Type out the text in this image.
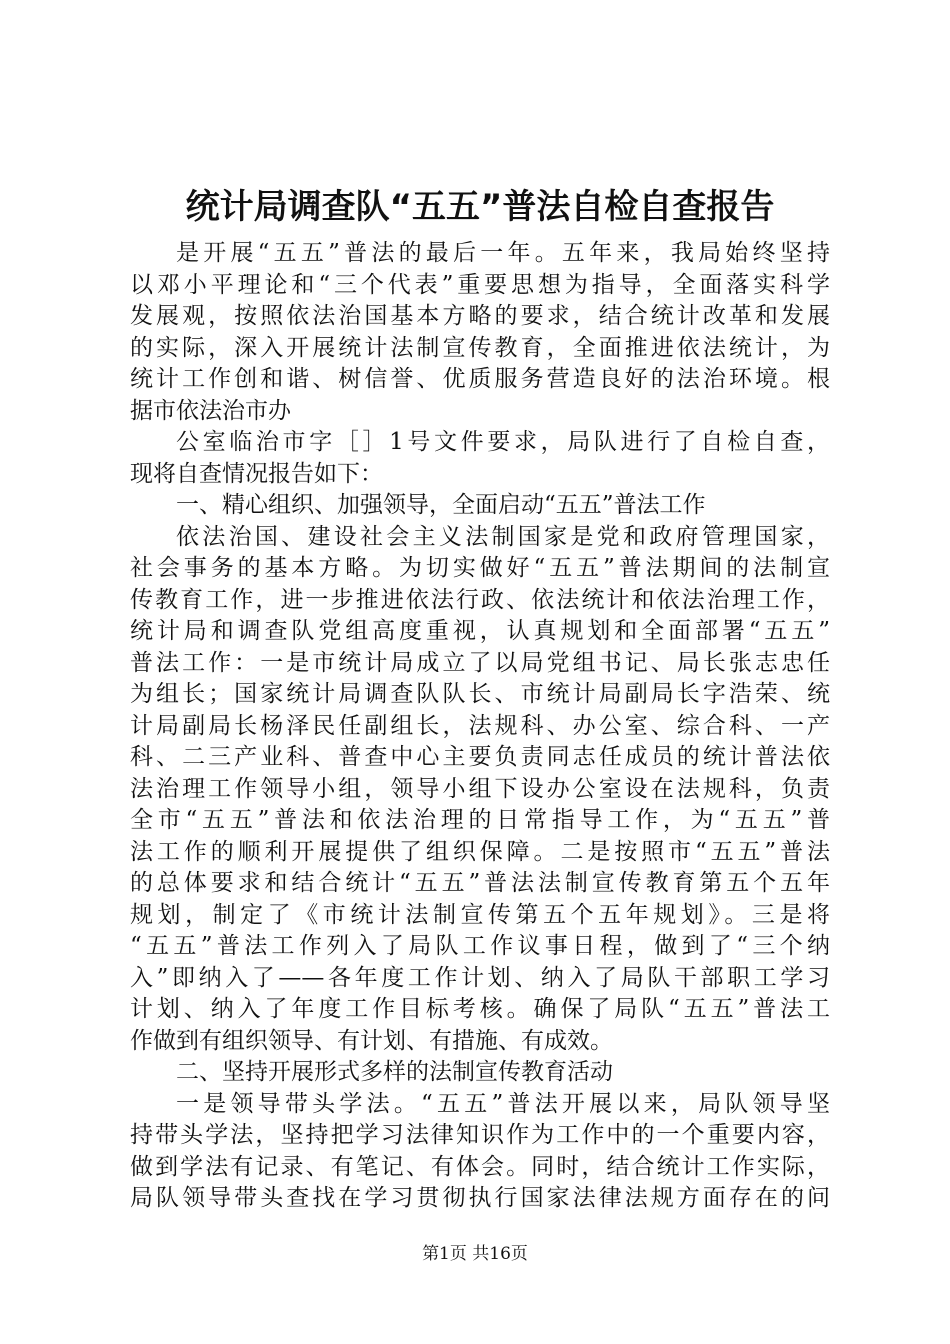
统计局调查队“五五”普法自检自查报告
是开展“五五”普法的最后一年。五年来，我局始终坚持
以邓小平理论和“三个代表”重要思想为指导，全面落实科学
发展观，按照依法治国基本方略的要求，结合统计改革和发展
的实际，深入开展统计法制宣传教育，全面推进依法统计，为
统计工作创和谐、树信誉、优质服务营造良好的法治环境。根
据市依法治市办
公室临治市字［］1号文件要求，局队进行了自检自查，
现将自查情况报告如下：
一、精心组织、加强领导，全面启动“五五”普法工作
依法治国、建设社会主义法制国家是党和政府管理国家，
社会事务的基本方略。为切实做好“五五”普法期间的法制宣
传教育工作，进一步推进依法行政、依法统计和依法治理工作，
统计局和调查队党组高度重视，认真规划和全面部署“五五”
普法工作：一是市统计局成立了以局党组书记、局长张志忠任
为组长；国家统计局调查队队长、市统计局副局长字浩荣、统
计局副局长杨泽民任副组长，法规科、办公室、综合科、一产
科、二三产业科、普查中心主要负责同志任成员的统计普法依
法治理工作领导小组，领导小组下设办公室设在法规科，负责
全市“五五”普法和依法治理的日常指导工作，为“五五”普
法工作的顺利开展提供了组织保障。二是按照市“五五”普法
的总体要求和结合统计“五五”普法法制宣传教育第五个五年
规划，制定了《市统计法制宣传第五个五年规划》。三是将
“五五”普法工作列入了局队工作议事日程，做到了“三个纳
入”即纳入了——各年度工作计划、纳入了局队干部职工学习
计划、纳入了年度工作目标考核。确保了局队“五五”普法工
作做到有组织领导、有计划、有措施、有成效。
二、坚持开展形式多样的法制宣传教育活动
一是领导带头学法。“五五”普法开展以来，局队领导坚
持带头学法，坚持把学习法律知识作为工作中的一个重要内容，
做到学法有记录、有笔记、有体会。同时，结合统计工作实际，
局队领导带头查找在学习贯彻执行国家法律法规方面存在的问
第1页 共16页
